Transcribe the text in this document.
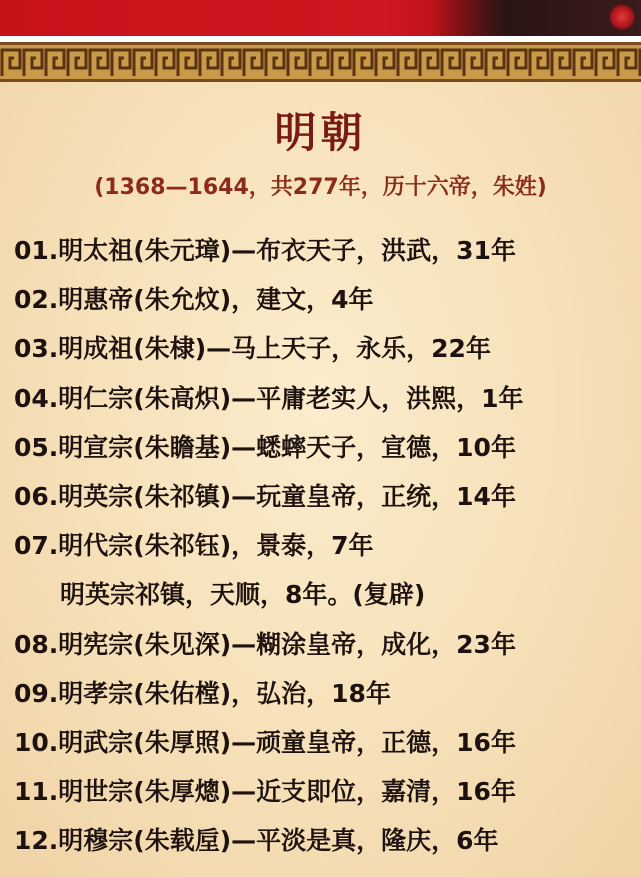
明朝
(1368—1644，共277年，历十六帝，朱姓)
01.明太祖(朱元璋)—布衣天子，洪武，31年
02.明惠帝(朱允炆)，建文，4年
03.明成祖(朱棣)—马上天子，永乐，22年
04.明仁宗(朱高炽)—平庸老实人，洪熙，1年
05.明宣宗(朱瞻基)—蟋蟀天子，宣德，10年
06.明英宗(朱祁镇)—玩童皇帝，正统，14年
07.明代宗(朱祁钰)，景泰，7年
明英宗祁镇，天顺，8年。(复辟)
08.明宪宗(朱见深)—糊涂皇帝，成化，23年
09.明孝宗(朱佑樘)，弘治，18年
10.明武宗(朱厚照)—顽童皇帝，正德，16年
11.明世宗(朱厚熜)—近支即位，嘉清，16年
12.明穆宗(朱载垕)—平淡是真，隆庆，6年
